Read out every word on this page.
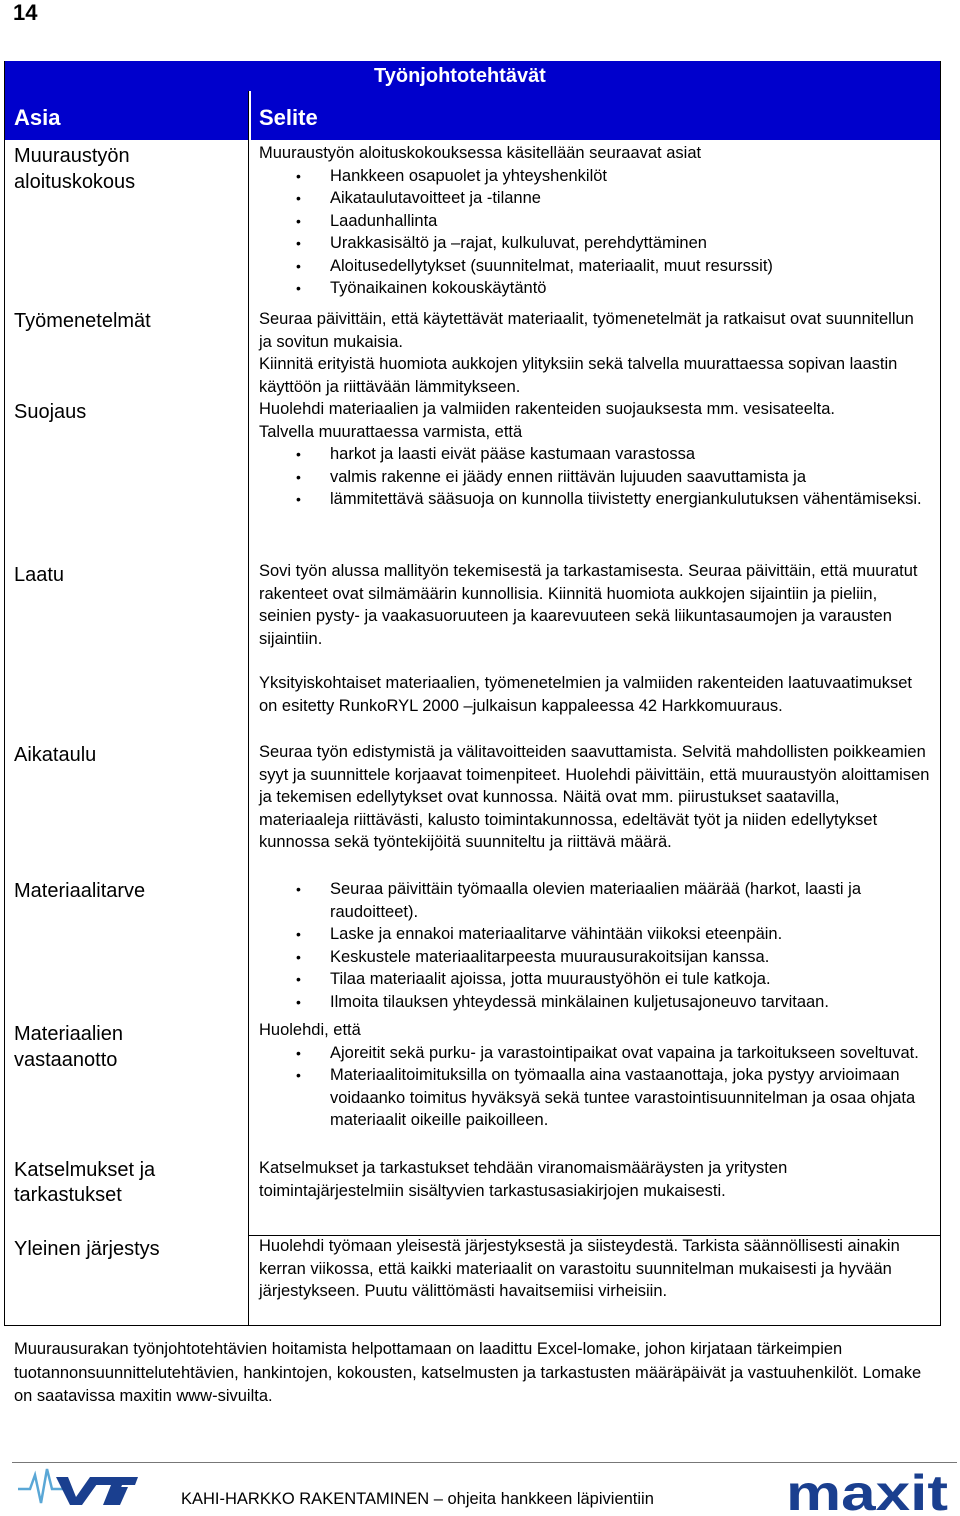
14
Työnjohtotehtävät
Asia	Selite
Muuraustyön aloituskokous

Muuraustyön aloituskokouksessa käsitellään seuraavat asiat

• Hankkeen osapuolet ja yhteyshenkilöt
• Aikataulutavoitteet ja -tilanne
• Laadunhallinta
• Urakkasisältö ja –rajat, kulkuluvat, perehdyttäminen
• Aloitusedellytykset (suunnitelmat, materiaalit, muut resurssit)
• Työnaikainen kokouskäytäntö
Työmenetelmät	Seuraa päivittäin, että käytettävät materiaalit, työmenetelmät ja ratkaisut ovat suunnitellun ja sovitun mukaisia.

Kiinnitä erityistä huomiota aukkojen ylityksiin sekä talvella muurattaessa sopivan laastin käyttöön ja riittävään lämmitykseen.

Suojaus	Huolehdi materiaalien ja valmiiden rakenteiden suojauksesta mm. vesisateelta.

Talvella muurattaessa varmista, että

• harkot ja laasti eivät pääse kastumaan varastossa
• valmis rakenne ei jäädy ennen riittävän lujuuden saavuttamista ja
• lämmitettävä sääsuoja on kunnolla tiivistetty energiankulutuksen vähentämiseksi.
Laatu	Sovi työn alussa mallityön tekemisestä ja tarkastamisesta. Seuraa päivittäin, että muuratut rakenteet ovat silmämäärin kunnollisia. Kiinnitä huomiota aukkojen sijaintiin ja pieliin, seinien pysty- ja vaakasuoruuteen ja kaarevuuteen sekä liikuntasaumojen ja varausten sijaintiin.

Yksityiskohtaiset materiaalien, työmenetelmien ja valmiiden rakenteiden laatuvaatimukset on esitetty RunkoRYL 2000 –julkaisun kappaleessa 42 Harkkomuuraus.

Aikataulu	Seuraa työn edistymistä ja välitavoitteiden saavuttamista. Selvitä mahdollisten poikkeamien syyt ja suunnittele korjaavat toimenpiteet. Huolehdi päivittäin, että muuraustyön aloittamisen ja tekemisen edellytykset ovat kunnossa. Näitä ovat mm. piirustukset saatavilla, materiaaleja riittävästi, kalusto toimintakunnossa, edeltävät työt ja niiden edellytykset kunnossa sekä työntekijöitä suunniteltu ja riittävä määrä.

Materiaalitarve
•	Seuraa päivittäin työmaalla olevien materiaalien määrää (harkot, laasti ja raudoitteet).
• Laske ja ennakoi materiaalitarve vähintään viikoksi eteenpäin.
• Keskustele materiaalitarpeesta muurausurakoitsijan kanssa.
• Tilaa materiaalit ajoissa, jotta muuraustyöhön ei tule katkoja.
• Ilmoita tilauksen yhteydessä minkälainen kuljetusajoneuvo tarvitaan.
Materiaalien vastaanotto

Huolehdi, että

• Ajoreitit sekä purku- ja varastointipaikat ovat vapaina ja tarkoitukseen soveltuvat.
• Materiaalitoimituksilla on työmaalla aina vastaanottaja, joka pystyy arvioimaan voidaanko toimitus hyväksyä sekä tuntee varastointisuunnitelman ja osaa ohjata materiaalit oikeille paikoilleen.
Katselmukset ja tarkastukset

Katselmukset ja tarkastukset tehdään viranomaismääräysten ja yritysten toimintajärjestelmiin sisältyvien tarkastusasiakirjojen mukaisesti.

Yleinen järjestys	Huolehdi työmaan yleisestä järjestyksestä ja siisteydestä. Tarkista säännöllisesti ainakin kerran viikossa, että kaikki materiaalit on varastoitu suunnitelman mukaisesti ja hyvään järjestykseen. Puutu välittömästi havaitsemiisi virheisiin.

Muurausurakan työnjohtotehtävien hoitamista helpottamaan on laadittu Excel-lomake, johon kirjataan tärkeimpien tuotannonsuunnittelutehtävien, hankintojen, kokousten, katselmusten ja tarkastusten määräpäivät ja vastuuhenkilöt. Lomake on saatavissa maxitin www-sivuilta.
KAHI-HARKKO RAKENTAMINEN – ohjeita hankkeen läpivientiin	maxit
